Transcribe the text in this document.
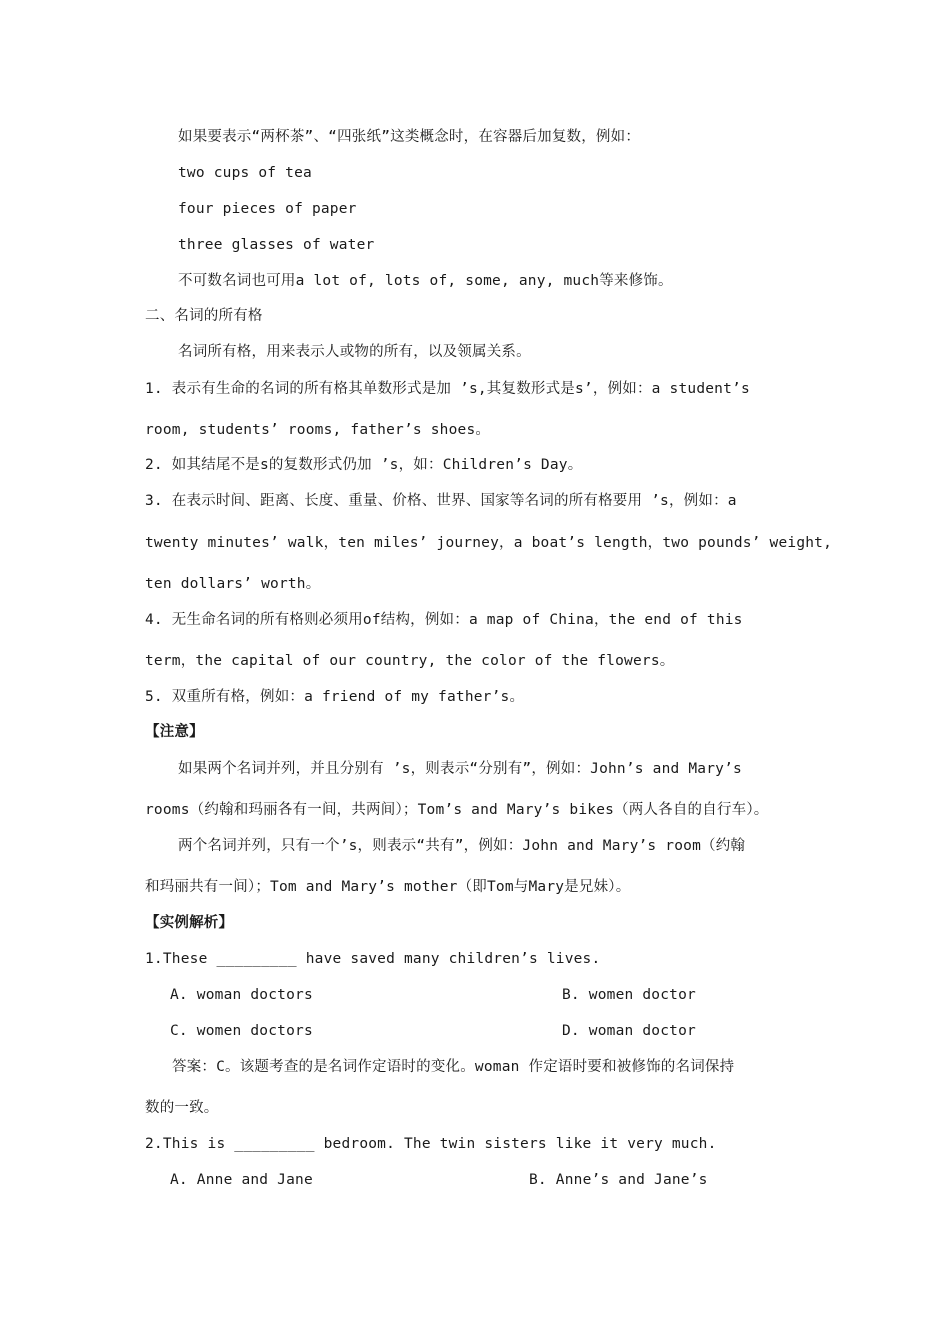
如果要表示“两杯茶”、“四张纸”这类概念时，在容器后加复数，例如：
two cups of tea
four pieces of paper
three glasses of water
不可数名词也可用a lot of, lots of, some, any, much等来修饰。
二、名词的所有格
名词所有格，用来表示人或物的所有，以及领属关系。
1. 表示有生命的名词的所有格其单数形式是加 ’s,其复数形式是s’，例如：a student’s
room, students’ rooms, father’s shoes。
2. 如其结尾不是s的复数形式仍加 ’s，如：Children’s Day。
3. 在表示时间、距离、长度、重量、价格、世界、国家等名词的所有格要用 ’s，例如：a
twenty minutes’ walk，ten miles’ journey，a boat’s length，two pounds’ weight,
ten dollars’ worth。
4. 无生命名词的所有格则必须用of结构，例如：a map of China，the end of this
term，the capital of our country, the color of the flowers。
5. 双重所有格，例如：a friend of my father’s。
【注意】
如果两个名词并列，并且分别有 ’s，则表示“分别有”，例如：John’s and Mary’s
rooms（约翰和玛丽各有一间，共两间）；Tom’s and Mary’s bikes（两人各自的自行车）。
两个名词并列，只有一个’s，则表示“共有”，例如：John and Mary’s room（约翰
和玛丽共有一间）；Tom and Mary’s mother（即Tom与Mary是兄妹）。
【实例解析】
1.These _________ have saved many children’s lives.
A. woman doctors	B. women doctor
C. women doctors	D. woman doctor
答案：C。该题考查的是名词作定语时的变化。woman 作定语时要和被修饰的名词保持
数的一致。
2.This is _________ bedroom. The twin sisters like it very much.
A. Anne and Jane	B. Anne’s and Jane’s
